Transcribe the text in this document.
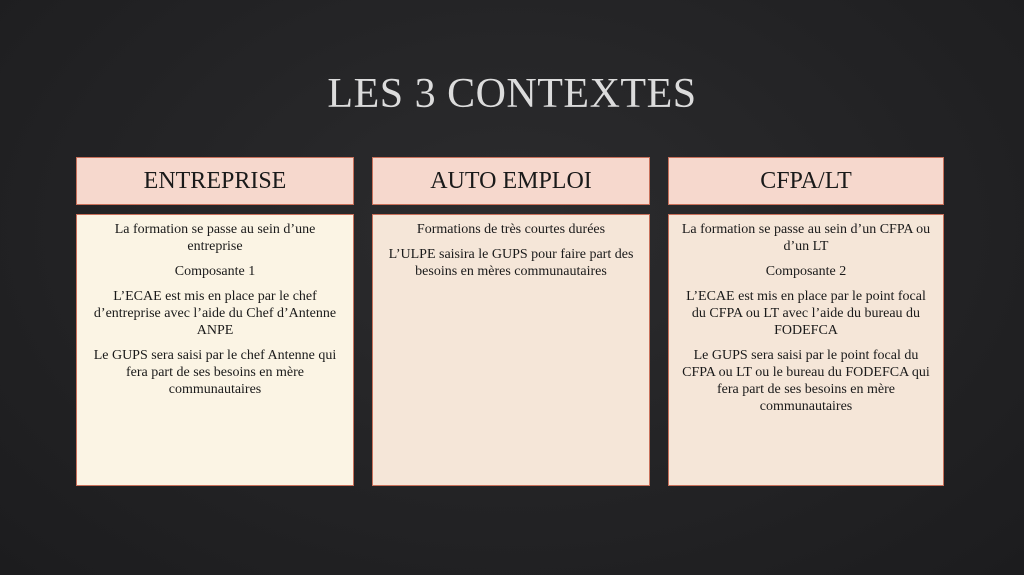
LES 3 CONTEXTES
ENTREPRISE	AUTO EMPLOI	CFPA/LT

La formation se passe au sein d’une entreprise

Composante 1

L’ECAE est mis en place par le chef d’entreprise avec l’aide du Chef d’Antenne ANPE

Le GUPS sera saisi par le chef Antenne qui fera part de ses besoins en mère communautaires

Formations de très courtes durées

L’ULPE saisira le GUPS pour faire part des besoins en mères communautaires

La formation se passe au sein d’un CFPA ou d’un LT

Composante 2

L’ECAE est mis en place par le point focal du CFPA ou LT avec l’aide du bureau du FODEFCA

Le GUPS sera saisi par le point focal du CFPA ou LT ou le bureau du FODEFCA qui fera part de ses besoins en mère communautaires
